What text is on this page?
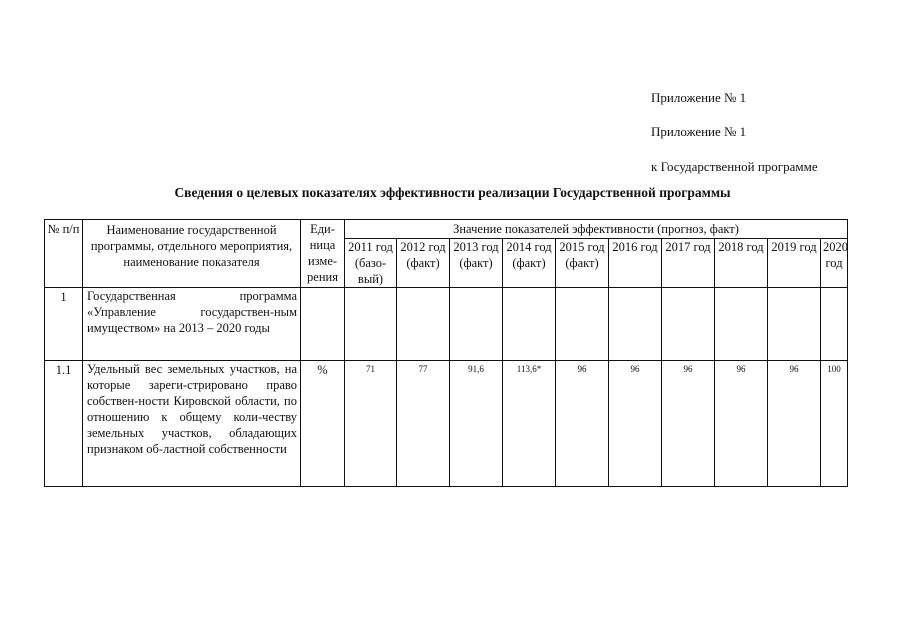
Приложение № 1
Приложение № 1
к Государственной программе
Сведения о целевых показателях эффективности реализации Государственной программы
№ п/п	Наименование государственной программы, отдельного мероприятия, наименование показателя	Еди-ница изме-рения	Значение показателей эффективности (прогноз, факт)									
			2011 год (базо-вый)	2012 год (факт)	2013 год (факт)	2014 год (факт)	2015 год (факт)	2016 год	2017 год	2018 год	2019 год	2020 год
1	Государственная программа «Управление государствен-ным имуществом» на 2013 – 2020 годы											
1.1	Удельный вес земельных участков, на которые зареги-стрировано право собствен-ности Кировской области, по отношению к общему коли-честву земельных участков, обладающих признаком об-ластной собственности	%	71	77	91,6	113,6*	96	96	96	96	96	100
